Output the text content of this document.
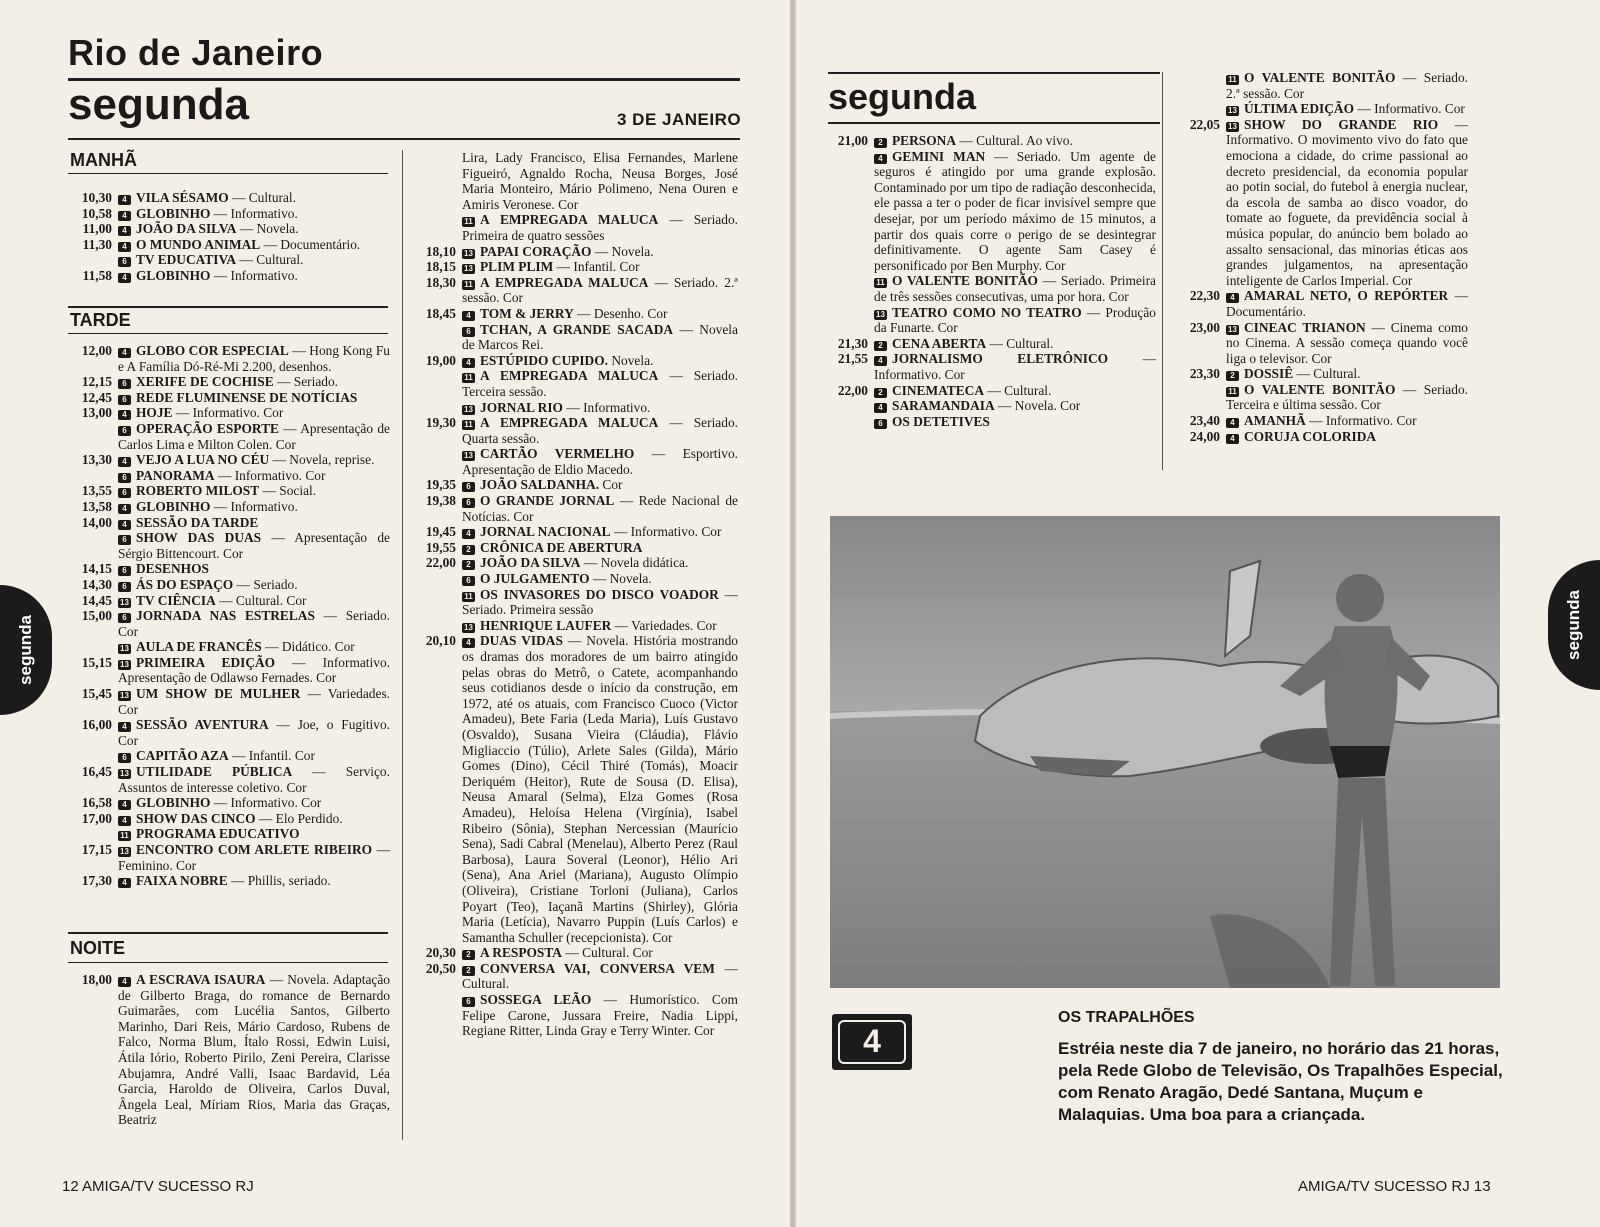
Rio de Janeiro
segunda	3 DE JANEIRO
MANHÃ
10,30	4 VILA SÉSAMO — Cultural.
10,58	4 GLOBINHO — Informativo.
11,00	4 JOÃO DA SILVA — Novela.
11,30	4 O MUNDO ANIMAL — Documentário.
6 TV EDUCATIVA — Cultural.
11,58	4 GLOBINHO — Informativo.
TARDE
12,00	4 GLOBO COR ESPECIAL — Hong Kong Fu e A Família Dó-Ré-Mi 2.200, desenhos.
12,15	6 XERIFE DE COCHISE — Seriado.
12,45	6 REDE FLUMINENSE DE NOTÍCIAS
13,00	4 HOJE — Informativo. Cor
6 OPERAÇÃO ESPORTE — Apresentação de Carlos Lima e Milton Colen. Cor
13,30	4 VEJO A LUA NO CÉU — Novela, reprise.
6 PANORAMA — Informativo. Cor
13,55	6 ROBERTO MILOST — Social.
13,58	4 GLOBINHO — Informativo.
14,00	4 SESSÃO DA TARDE
6 SHOW DAS DUAS — Apresentação de Sérgio Bittencourt. Cor
14,15	6 DESENHOS
14,30	6 ÁS DO ESPAÇO — Seriado.
14,45	13 TV CIÊNCIA — Cultural. Cor
15,00	6 JORNADA NAS ESTRELAS — Seriado. Cor
13 AULA DE FRANCÊS — Didático. Cor
15,15	13 PRIMEIRA EDIÇÃO — Informativo. Apresentação de Odlawso Fernades. Cor
15,45	13 UM SHOW DE MULHER — Variedades. Cor
16,00	4 SESSÃO AVENTURA — Joe, o Fugitivo. Cor
6 CAPITÃO AZA — Infantil. Cor
16,45	13 UTILIDADE PÚBLICA — Serviço. Assuntos de interesse coletivo. Cor
16,58	4 GLOBINHO — Informativo. Cor
17,00	4 SHOW DAS CINCO — Elo Perdido.
11 PROGRAMA EDUCATIVO
17,15	13 ENCONTRO COM ARLETE RIBEIRO — Feminino. Cor
17,30	4 FAIXA NOBRE — Phillis, seriado.
NOITE
18,00	4 A ESCRAVA ISAURA — Novela. Adaptação de Gilberto Braga, do romance de Bernardo Guimarães, com Lucélia Santos, Gilberto Marinho, Dari Reis, Mário Cardoso, Rubens de Falco, Norma Blum, Ítalo Rossi, Edwin Luisi, Átila Iório, Roberto Pirilo, Zeni Pereira, Clarisse Abujamra, André Valli, Isaac Bardavid, Léa Garcia, Haroldo de Oliveira, Carlos Duval, Ângela Leal, Míriam Rios, Maria das Graças, Beatriz
Lira, Lady Francisco, Elisa Fernandes, Marlene Figueiró, Agnaldo Rocha, Neusa Borges, José Maria Monteiro, Mário Polimeno, Nena Ouren e Amiris Veronese. Cor
11 A EMPREGADA MALUCA — Seriado. Primeira de quatro sessões
18,10	13 PAPAI CORAÇÃO — Novela.
18,15	13 PLIM PLIM — Infantil. Cor
18,30	11 A EMPREGADA MALUCA — Seriado. 2.ª sessão. Cor
18,45	4 TOM & JERRY — Desenho. Cor
6 TCHAN, A GRANDE SACADA — Novela de Marcos Rei.
19,00	4 ESTÚPIDO CUPIDO. Novela.
11 A EMPREGADA MALUCA — Seriado. Terceira sessão.
13 JORNAL RIO — Informativo.
19,30	11 A EMPREGADA MALUCA — Seriado. Quarta sessão.
13 CARTÃO VERMELHO — Esportivo. Apresentação de Eldio Macedo.
19,35	6 JOÃO SALDANHA. Cor
19,38	6 O GRANDE JORNAL — Rede Nacional de Notícias. Cor
19,45	4 JORNAL NACIONAL — Informativo. Cor
19,55	2 CRÔNICA DE ABERTURA
22,00	2 JOÃO DA SILVA — Novela didática.
6 O JULGAMENTO — Novela.
11 OS INVASORES DO DISCO VOADOR — Seriado. Primeira sessão
13 HENRIQUE LAUFER — Variedades. Cor
20,10	4 DUAS VIDAS — Novela. História mostrando os dramas dos moradores de um bairro atingido pelas obras do Metrô, o Catete, acompanhando seus cotidianos desde o início da construção, em 1972, até os atuais, com Francisco Cuoco (Victor Amadeu), Bete Faria (Leda Maria), Luís Gustavo (Osvaldo), Susana Vieira (Cláudia), Flávio Migliaccio (Túlio), Arlete Sales (Gilda), Mário Gomes (Dino), Cécil Thiré (Tomás), Moacir Deriquém (Heitor), Rute de Sousa (D. Elisa), Neusa Amaral (Selma), Elza Gomes (Rosa Amadeu), Heloísa Helena (Virgínia), Isabel Ribeiro (Sônia), Stephan Nercessian (Maurício Sena), Sadi Cabral (Menelau), Alberto Perez (Raul Barbosa), Laura Soveral (Leonor), Hélio Ari (Sena), Ana Ariel (Mariana), Augusto Olímpio (Oliveira), Cristiane Torloni (Juliana), Carlos Poyart (Teo), Iaçanã Martins (Shirley), Glória Maria (Letícia), Navarro Puppin (Luís Carlos) e Samantha Schuller (recepcionista). Cor
20,30	2 A RESPOSTA — Cultural. Cor
20,50	2 CONVERSA VAI, CONVERSA VEM — Cultural.
6 SOSSEGA LEÃO — Humorístico. Com Felipe Carone, Jussara Freire, Nadia Lippi, Regiane Ritter, Linda Gray e Terry Winter. Cor
segunda
12 AMIGA/TV SUCESSO RJ
segunda
21,00	2 PERSONA — Cultural. Ao vivo.
4 GEMINI MAN — Seriado. Um agente de seguros é atingido por uma grande explosão. Contaminado por um tipo de radiação desconhecida, ele passa a ter o poder de ficar invisível sempre que desejar, por um período máximo de 15 minutos, a partir dos quais corre o perigo de se desintegrar definitivamente. O agente Sam Casey é personificado por Ben Murphy. Cor
11 O VALENTE BONITÃO — Seriado. Primeira de três sessões consecutivas, uma por hora. Cor
13 TEATRO COMO NO TEATRO — Produção da Funarte. Cor
21,30	2 CENA ABERTA — Cultural.
21,55	4 JORNALISMO ELETRÔNICO	— Informativo. Cor
22,00	2 CINEMATECA — Cultural.
4 SARAMANDAIA — Novela. Cor
6 OS DETETIVES
11 O VALENTE BONITÃO — Seriado. 2.ª sessão. Cor
13 ÚLTIMA EDIÇÃO — Informativo. Cor
22,05	13 SHOW DO GRANDE RIO — Informativo. O movimento vivo do fato que emociona a cidade, do crime passional ao decreto presidencial, da economia popular ao potin social, do futebol à energia nuclear, da escola de samba ao disco voador, do tomate ao foguete, da previdência social à música popular, do anúncio bem bolado ao assalto sensacional, das minorias éticas aos grandes julgamentos, na apresentação inteligente de Carlos Imperial. Cor
22,30	4 AMARAL NETO, O REPÓRTER — Documentário.
23,00	13 CINEAC TRIANON — Cinema como no Cinema. A sessão começa quando você liga o televisor. Cor
23,30	2 DOSSIÊ — Cultural.
11 O VALENTE BONITÃO — Seriado. Terceira e última sessão. Cor
23,40	4 AMANHÃ — Informativo. Cor
24,00	4 CORUJA COLORIDA
4
OS TRAPALHÕES
Estréia neste dia 7 de janeiro, no horário das 21 horas, pela Rede Globo de Televisão, Os Trapalhões Especial, com Renato Aragão, Dedé Santana, Muçum e Malaquias. Uma boa para a criançada.
segunda
AMIGA/TV SUCESSO RJ 13
